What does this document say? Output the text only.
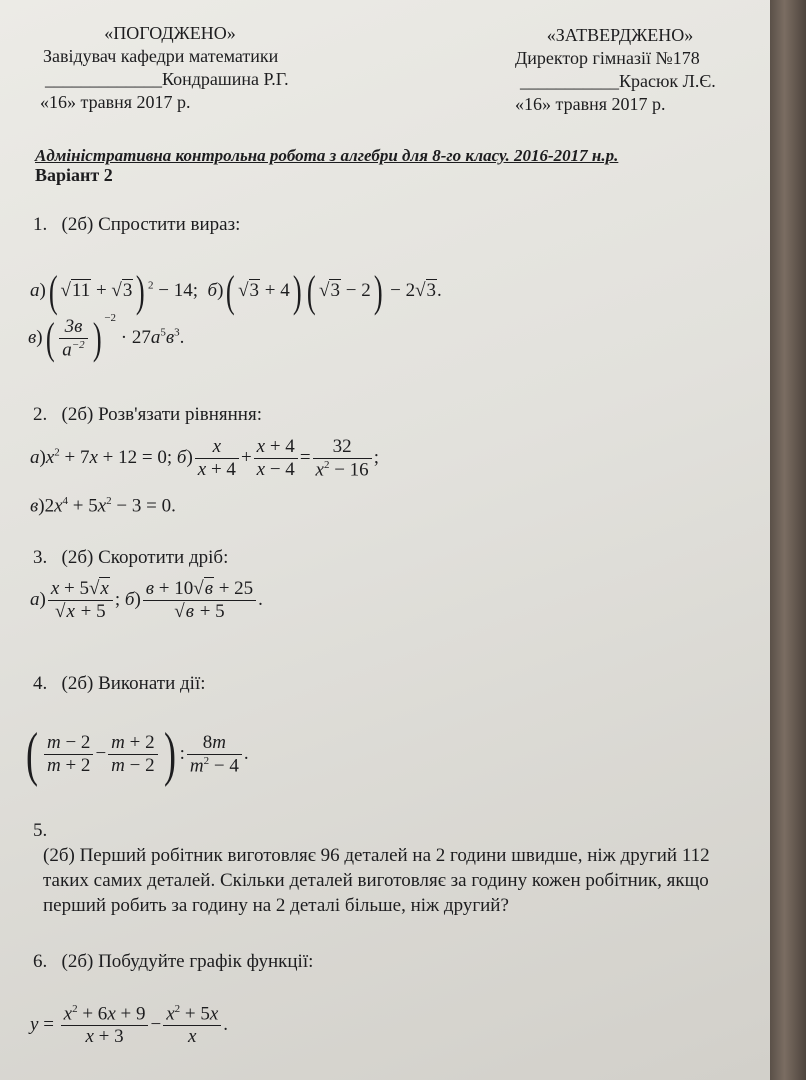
«ПОГОДЖЕНО»
Завідувач кафедри математики
_____________Кондрашина Р.Г.
«16» травня 2017 р.
«ЗАТВЕРДЖЕНО»
Директор гімназії №178
___________Красюк Л.Є.
«16» травня 2017 р.
Адміністративна контрольна робота з алгебри для 8-го класу. 2016-2017 н.р.
Варіант 2
1. (2б) Спростити вираз:
а)( √11 + √3) $^2$ − 14;  б)( √3 + 4) ( √3 − 2) − 2√3.
$в)( \frac{3в}{a^{-2}}$ ) $^{-2} \cdot 27a^5в^3$.
2. (2б) Розв'язати рівняння:
$а)x^2 + 7x + 12 = 0$; $б) \frac{x}{x + 4} + \frac{x + 4}{x - 4} = \frac{32}{x^2 - 16}$ ;
$в)2x^4 + 5x^2 - 3 = 0$.
3. (2б) Скоротити дріб:
$а) \frac{x + 5√x}{√x + 5}$ ; $б) \frac{в + 10√в + 25}{√в + 5}$ .
4. (2б) Виконати дії:
( $\frac{m - 2}{m + 2} - \frac{m + 2}{m - 2}$ ) : $\frac{8m}{m^2 - 4}$ .
5. (2б) Перший робітник виготовляє 96 деталей на 2 години швидше, ніж другий 112 таких самих деталей. Скільки деталей виготовляє за годину кожен робітник, якщо перший робить за годину на 2 деталі більше, ніж другий?
6. (2б) Побудуйте графік функції:
$y = \frac{x^2 + 6x + 9}{x + 3} - \frac{x^2 + 5x}{x}$ .
